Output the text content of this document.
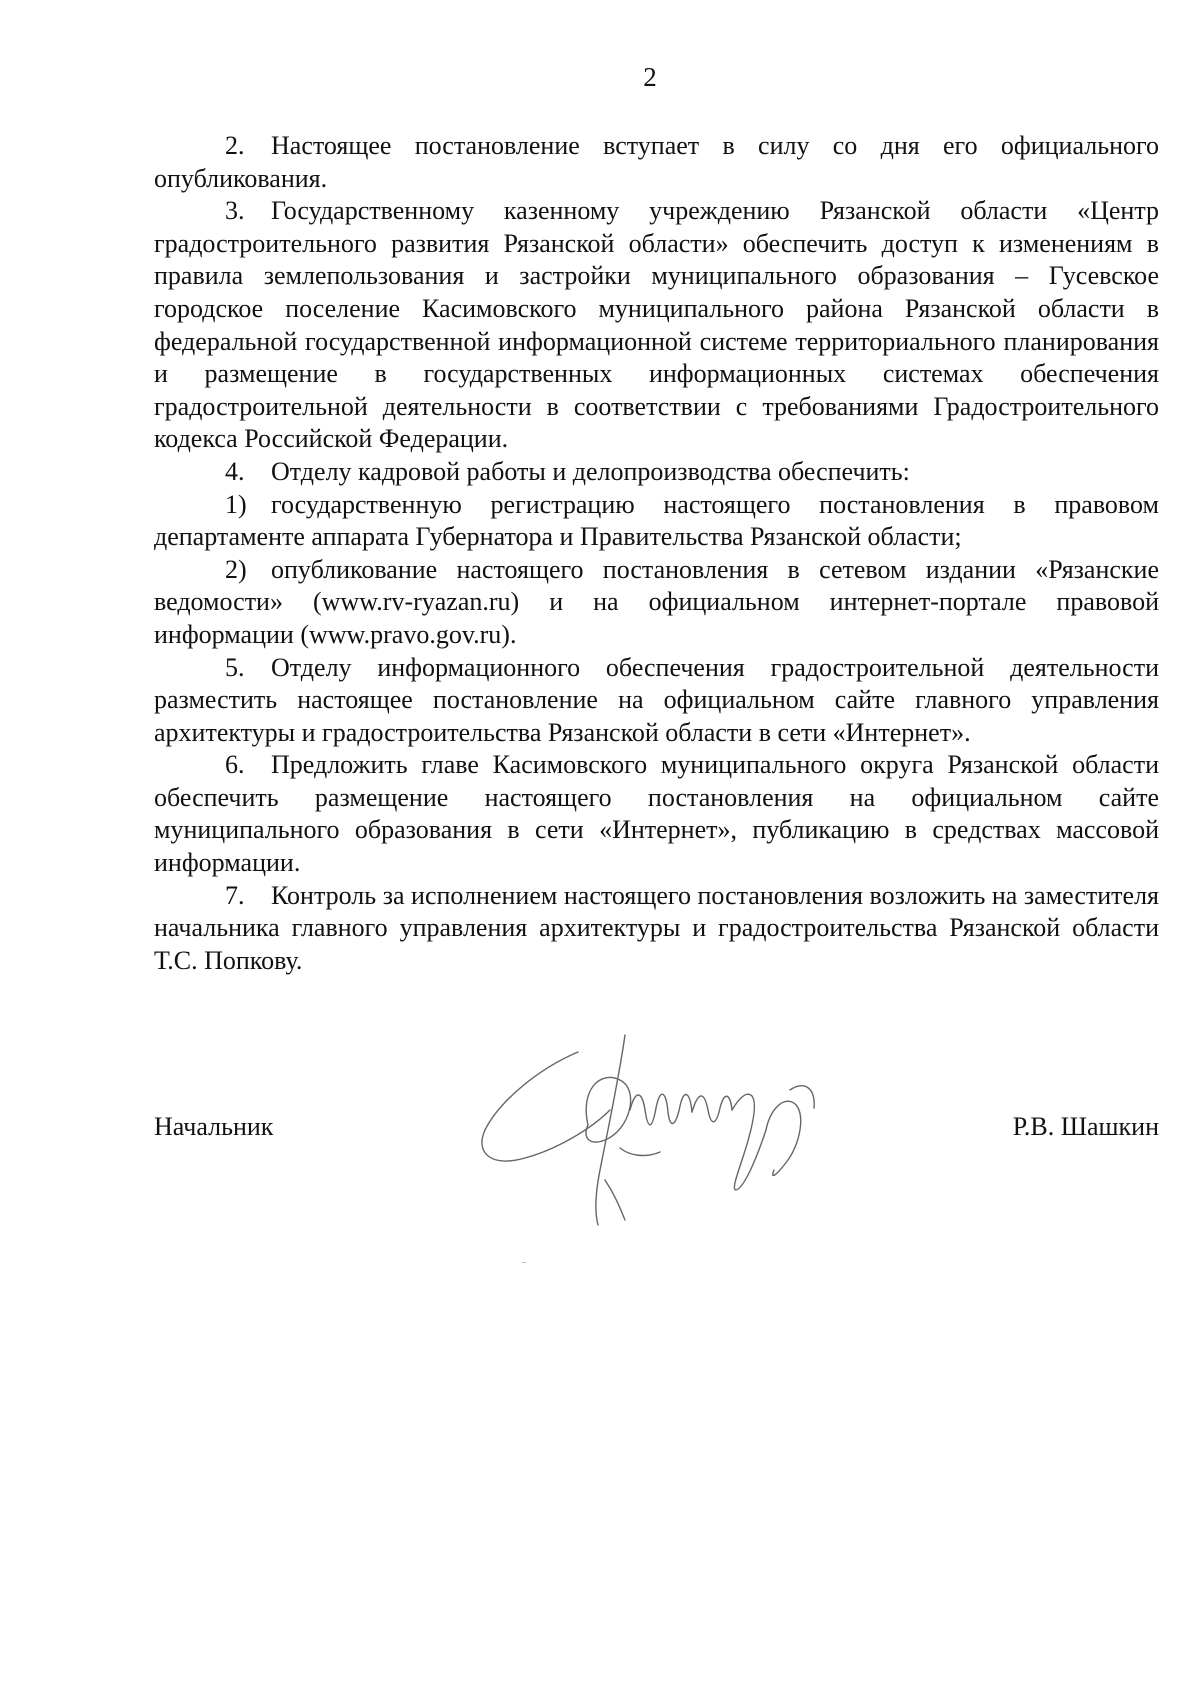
2

2. Настоящее постановление вступает в силу со дня его официального опубликования.

3. Государственному казенному учреждению Рязанской области «Центр градостроительного развития Рязанской области» обеспечить доступ к изменениям в правила землепользования и застройки муниципального образования – Гусевское городское поселение Касимовского муниципального района Рязанской области в федеральной государственной информационной системе территориального планирования и размещение в государственных информационных системах обеспечения градостроительной деятельности в соответствии с требованиями Градостроительного кодекса Российской Федерации.

4. Отделу кадровой работы и делопроизводства обеспечить:

1) государственную регистрацию настоящего постановления в правовом департаменте аппарата Губернатора и Правительства Рязанской области;

2) опубликование настоящего постановления в сетевом издании «Рязанские ведомости» (www.rv-ryazan.ru) и на официальном интернет-портале правовой информации (www.pravo.gov.ru).

5. Отделу информационного обеспечения градостроительной деятельности разместить настоящее постановление на официальном сайте главного управления архитектуры и градостроительства Рязанской области в сети «Интернет».

6. Предложить главе Касимовского муниципального округа Рязанской области обеспечить размещение настоящего постановления на официальном сайте муниципального образования в сети «Интернет», публикацию в средствах массовой информации.

7. Контроль за исполнением настоящего постановления возложить на заместителя начальника главного управления архитектуры и градостроительства Рязанской области Т.С. Попкову.

Начальник	Р.В. Шашкин
